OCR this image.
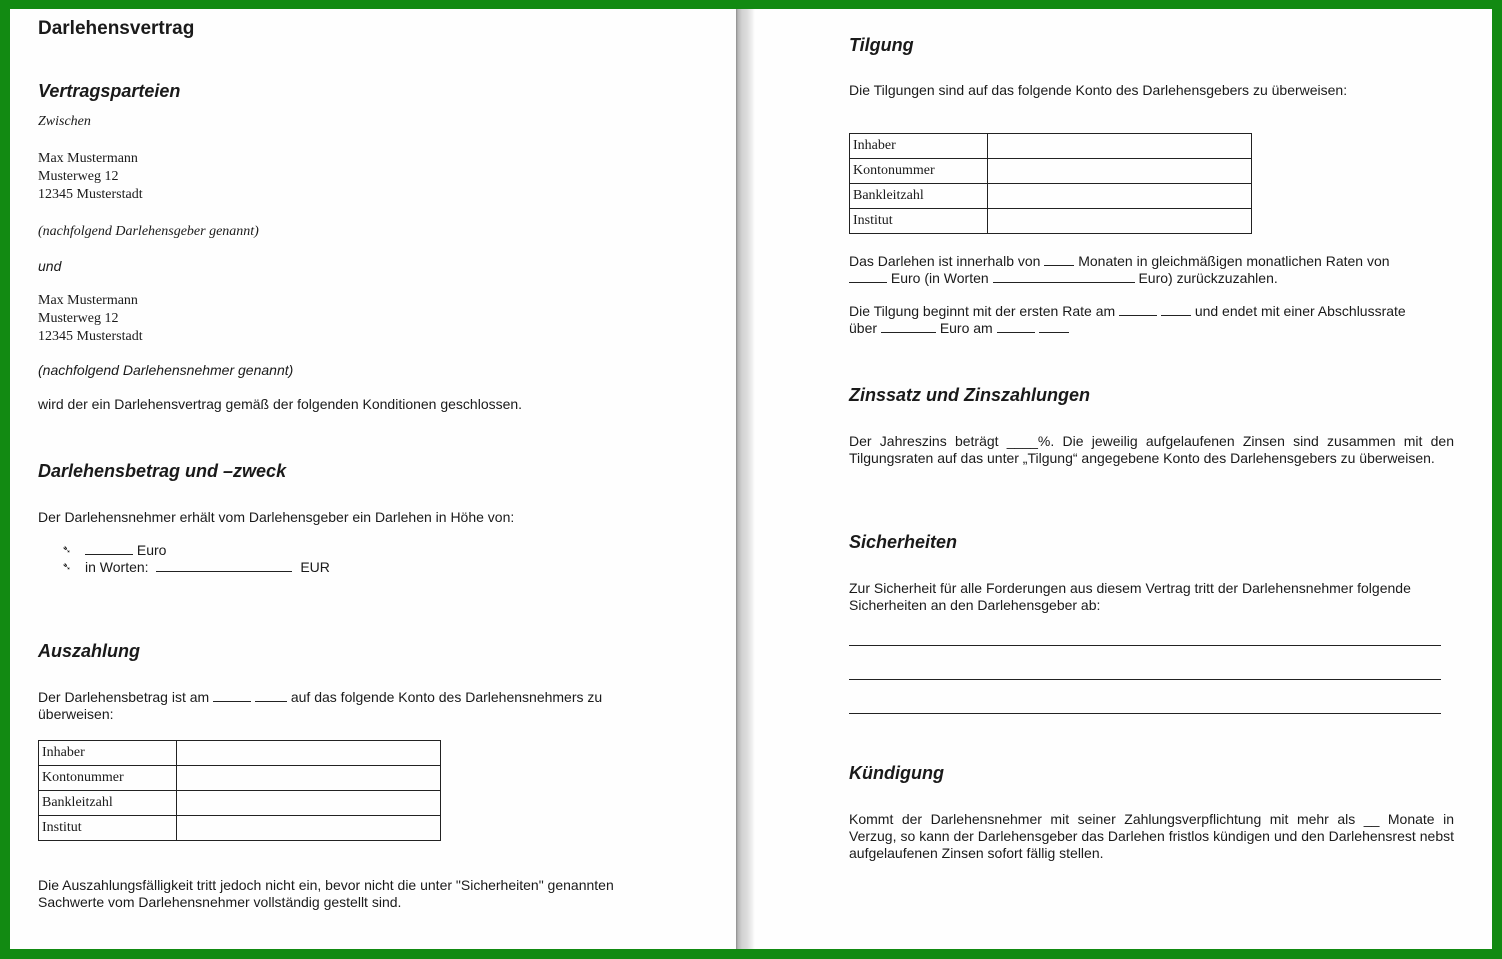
Darlehensvertrag
Vertragsparteien
Zwischen
Max Mustermann
Musterweg 12
12345 Musterstadt
(nachfolgend Darlehensgeber genannt)
und
Max Mustermann
Musterweg 12
12345 Musterstadt
(nachfolgend Darlehensnehmer genannt)
wird der ein Darlehensvertrag gemäß der folgenden Konditionen geschlossen.
Darlehensbetrag und –zweck
Der Darlehensnehmer erhält vom Darlehensgeber ein Darlehen in Höhe von:
➴	Euro
➴ in Worten:	EUR
Auszahlung
Der Darlehensbetrag ist am	auf das folgende Konto des Darlehensnehmers zu
überweisen:
Inhaber	
Kontonummer	
Bankleitzahl	
Institut	
Die Auszahlungsfälligkeit tritt jedoch nicht ein, bevor nicht die unter "Sicherheiten" genannten
Sachwerte vom Darlehensnehmer vollständig gestellt sind.
Tilgung
Die Tilgungen sind auf das folgende Konto des Darlehensgebers zu überweisen:
Inhaber	
Kontonummer	
Bankleitzahl	
Institut	
Das Darlehen ist innerhalb von	Monaten in gleichmäßigen monatlichen Raten von
Euro (in Worten	Euro) zurückzuzahlen.
Die Tilgung beginnt mit der ersten Rate am	und endet mit einer Abschlussrate
über	Euro am
Zinssatz und Zinszahlungen
Der Jahreszins beträgt ____%. Die jeweilig aufgelaufenen Zinsen sind zusammen mit den Tilgungsraten auf das unter „Tilgung“ angegebene Konto des Darlehensgebers zu überweisen.
Sicherheiten
Zur Sicherheit für alle Forderungen aus diesem Vertrag tritt der Darlehensnehmer folgende Sicherheiten an den Darlehensgeber ab:
Kündigung
Kommt der Darlehensnehmer mit seiner Zahlungsverpflichtung mit mehr als __ Monate in Verzug, so kann der Darlehensgeber das Darlehen fristlos kündigen und den Darlehensrest nebst aufgelaufenen Zinsen sofort fällig stellen.
